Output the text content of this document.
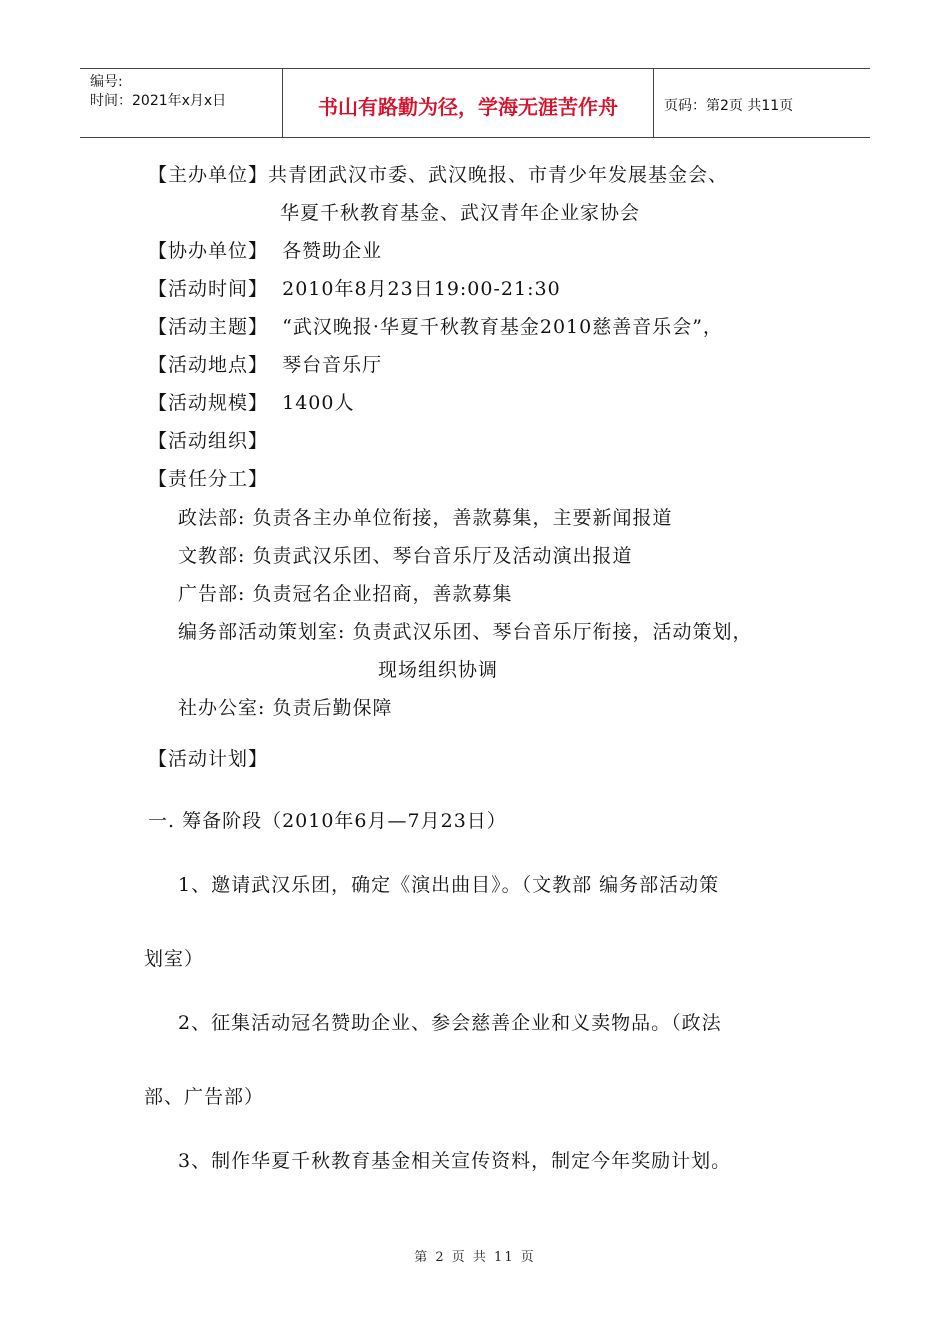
编号:
时间：2021年x月x日	书山有路勤为径，学海无涯苦作舟	页码：第2页 共11页
【主办单位】共青团武汉市委、武汉晚报、市青少年发展基金会、
华夏千秋教育基金、武汉青年企业家协会
【协办单位】 各赞助企业
【活动时间】 2010年8月23日19:00-21:30
【活动主题】 “武汉晚报·华夏千秋教育基金2010慈善音乐会”，
【活动地点】 琴台音乐厅
【活动规模】 1400人
【活动组织】
【责任分工】
政法部: 负责各主办单位衔接，善款募集，主要新闻报道
文教部: 负责武汉乐团、琴台音乐厅及活动演出报道
广告部: 负责冠名企业招商，善款募集
编务部活动策划室: 负责武汉乐团、琴台音乐厅衔接，活动策划，
现场组织协调
社办公室: 负责后勤保障
【活动计划】
一. 筹备阶段（2010年6月—7月23日）
1、邀请武汉乐团，确定《演出曲目》。（文教部 编务部活动策
划室）
2、征集活动冠名赞助企业、参会慈善企业和义卖物品。（政法
部、广告部）
3、制作华夏千秋教育基金相关宣传资料，制定今年奖励计划。
第 2 页 共 11 页
